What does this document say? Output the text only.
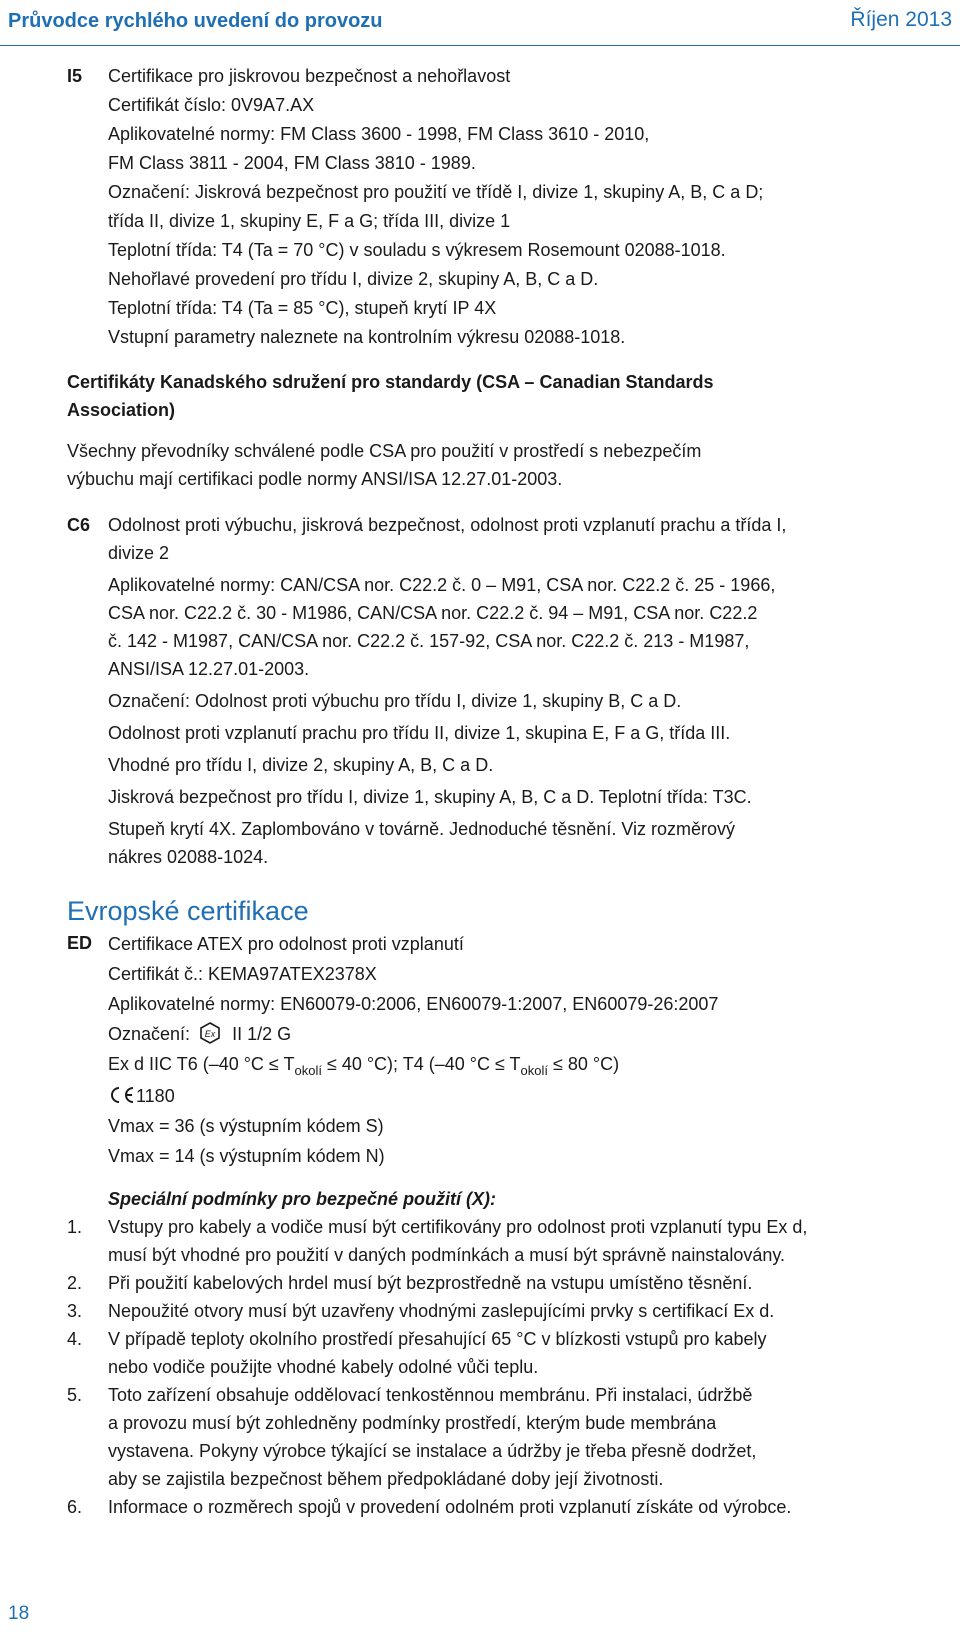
Průvodce rychlého uvedení do provozu	Říjen 2013
I5 Certifikace pro jiskrovou bezpečnost a nehořlavost
Certifikát číslo: 0V9A7.AX
Aplikovatelné normy: FM Class 3600 - 1998, FM Class 3610 - 2010,
FM Class 3811 - 2004, FM Class 3810 - 1989.
Označení: Jiskrová bezpečnost pro použití ve třídě I, divize 1, skupiny A, B, C a D;
třída II, divize 1, skupiny E, F a G; třída III, divize 1
Teplotní třída: T4 (Ta = 70 °C) v souladu s výkresem Rosemount 02088-1018.
Nehořlavé provedení pro třídu I, divize 2, skupiny A, B, C a D.
Teplotní třída: T4 (Ta = 85 °C), stupeň krytí IP 4X
Vstupní parametry naleznete na kontrolním výkresu 02088-1018.
Certifikáty Kanadského sdružení pro standardy (CSA – Canadian Standards
Association)
Všechny převodníky schválené podle CSA pro použití v prostředí s nebezpečím
výbuchu mají certifikaci podle normy ANSI/ISA 12.27.01-2003.
C6 Odolnost proti výbuchu, jiskrová bezpečnost, odolnost proti vzplanutí prachu a třída I,
divize 2
Aplikovatelné normy: CAN/CSA nor. C22.2 č. 0 – M91, CSA nor. C22.2 č. 25 - 1966,
CSA nor. C22.2 č. 30 - M1986, CAN/CSA nor. C22.2 č. 94 – M91, CSA nor. C22.2
č. 142 - M1987, CAN/CSA nor. C22.2 č. 157-92, CSA nor. C22.2 č. 213 - M1987,
ANSI/ISA 12.27.01-2003.
Označení: Odolnost proti výbuchu pro třídu I, divize 1, skupiny B, C a D.
Odolnost proti vzplanutí prachu pro třídu II, divize 1, skupina E, F a G, třída III.
Vhodné pro třídu I, divize 2, skupiny A, B, C a D.
Jiskrová bezpečnost pro třídu I, divize 1, skupiny A, B, C a D. Teplotní třída: T3C.
Stupeň krytí 4X. Zaplombováno v továrně. Jednoduché těsnění. Viz rozměrový
nákres 02088-1024.
Evropské certifikace
ED Certifikace ATEX pro odolnost proti vzplanutí
Certifikát č.: KEMA97ATEX2378X
Aplikovatelné normy: EN60079-0:2006, EN60079-1:2007, EN60079-26:2007
Označení: Ex II 1/2 G
Ex d IIC T6 (–40 $^\circ C \le T_{okolí} \le 40$ °C); T4 (–40 $^\circ C \le T_{okolí} \le 80$ °C)
1180
Vmax = 36 (s výstupním kódem S)
Vmax = 14 (s výstupním kódem N)
Speciální podmínky pro bezpečné použití (X):
1. Vstupy pro kabely a vodiče musí být certifikovány pro odolnost proti vzplanutí typu Ex d,
musí být vhodné pro použití v daných podmínkách a musí být správně nainstalovány.
2. Při použití kabelových hrdel musí být bezprostředně na vstupu umístěno těsnění.
3. Nepoužité otvory musí být uzavřeny vhodnými zaslepujícími prvky s certifikací Ex d.
4. V případě teploty okolního prostředí přesahující 65 °C v blízkosti vstupů pro kabely
nebo vodiče použijte vhodné kabely odolné vůči teplu.
5. Toto zařízení obsahuje oddělovací tenkostěnnou membránu. Při instalaci, údržbě
a provozu musí být zohledněny podmínky prostředí, kterým bude membrána
vystavena. Pokyny výrobce týkající se instalace a údržby je třeba přesně dodržet,
aby se zajistila bezpečnost během předpokládané doby její životnosti.
6. Informace o rozměrech spojů v provedení odolném proti vzplanutí získáte od výrobce.
18
